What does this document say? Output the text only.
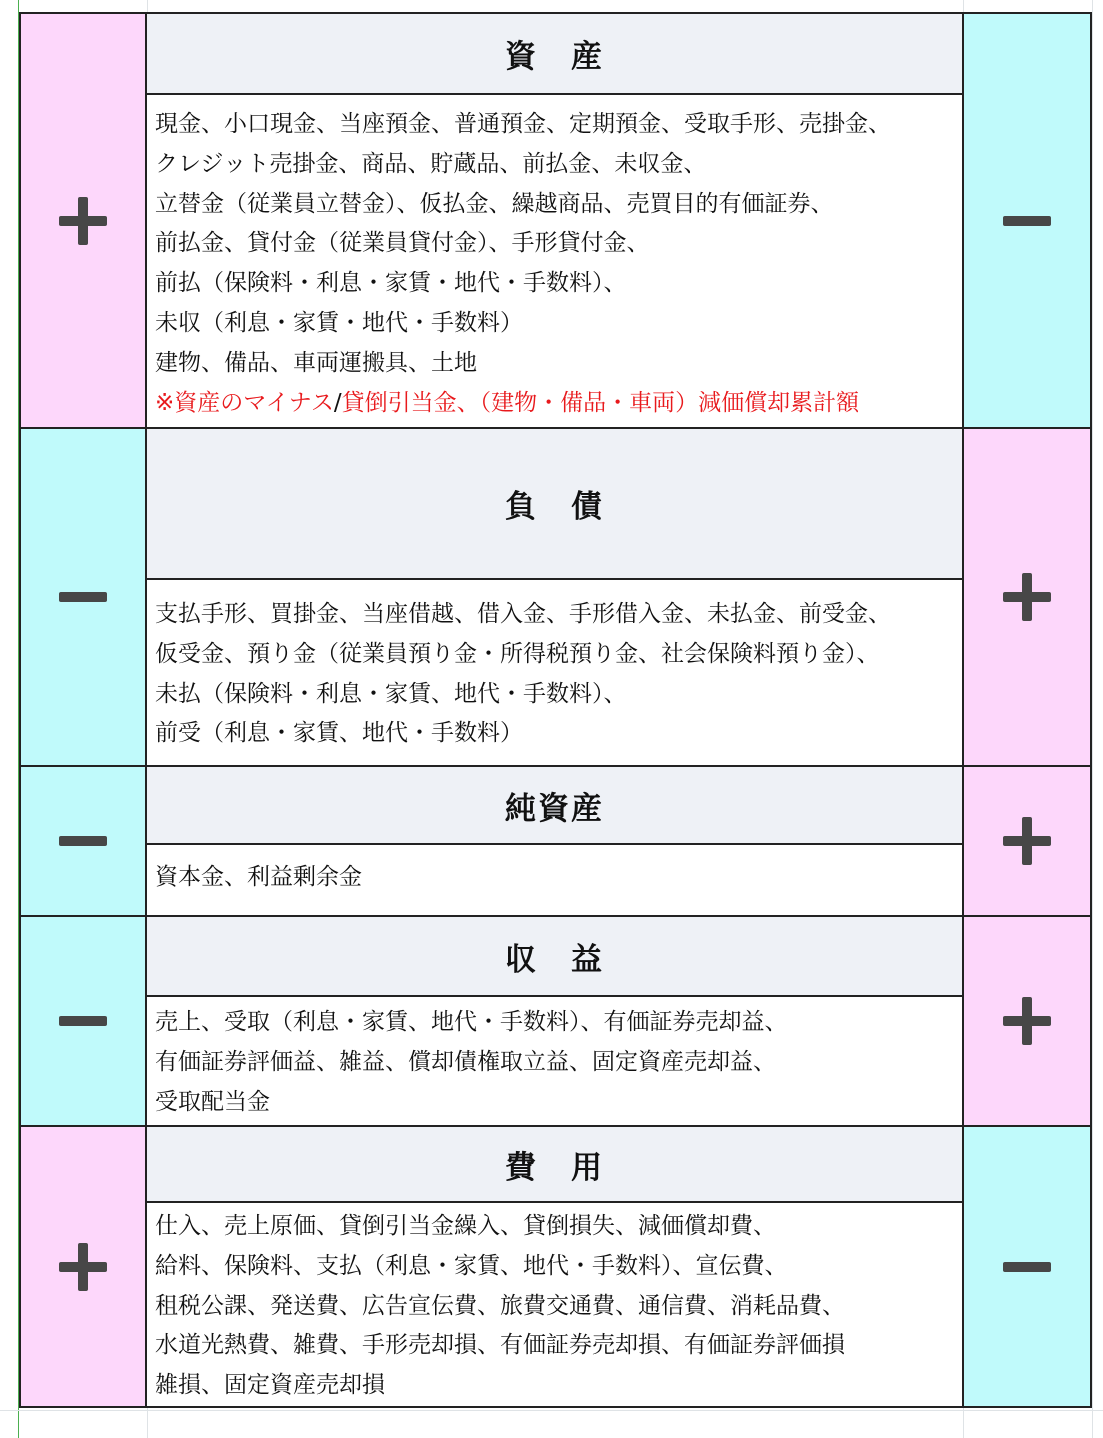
資　産
現金、小口現金、当座預金、普通預金、定期預金、受取手形、売掛金、
クレジット売掛金、商品、貯蔵品、前払金、未収金、
立替金（従業員立替金）、仮払金、繰越商品、売買目的有価証券、
前払金、貸付金（従業員貸付金）、手形貸付金、
前払（保険料・利息・家賃・地代・手数料）、
未収（利息・家賃・地代・手数料）
建物、備品、車両運搬具、土地
※資産のマイナス/貸倒引当金、（建物・備品・車両）減価償却累計額
負　債
支払手形、買掛金、当座借越、借入金、手形借入金、未払金、前受金、
仮受金、預り金（従業員預り金・所得税預り金、社会保険料預り金）、
未払（保険料・利息・家賃、地代・手数料）、
前受（利息・家賃、地代・手数料）
純資産
資本金、利益剰余金
収　益
売上、受取（利息・家賃、地代・手数料）、有価証券売却益、
有価証券評価益、雑益、償却債権取立益、固定資産売却益、
受取配当金
費　用
仕入、売上原価、貸倒引当金繰入、貸倒損失、減価償却費、
給料、保険料、支払（利息・家賃、地代・手数料）、宣伝費、
租税公課、発送費、広告宣伝費、旅費交通費、通信費、消耗品費、
水道光熱費、雑費、手形売却損、有価証券売却損、有価証券評価損
雑損、固定資産売却損
